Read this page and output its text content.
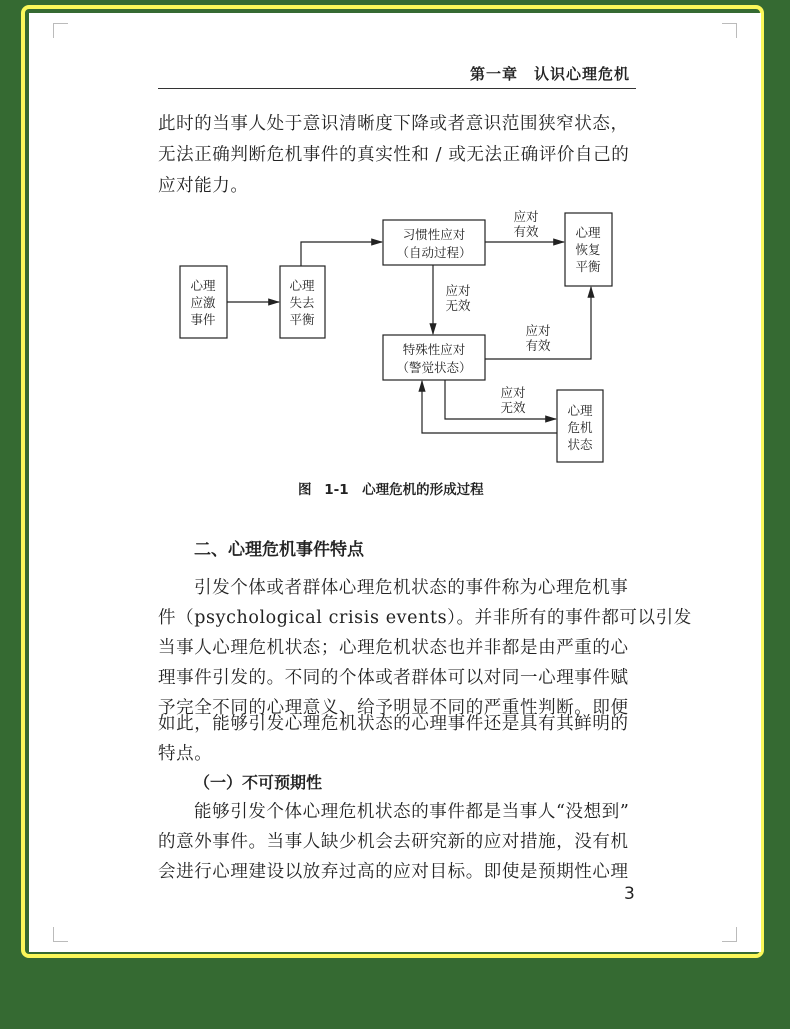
第一章　认识心理危机
此时的当事人处于意识清晰度下降或者意识范围狭窄状态，
无法正确判断危机事件的真实性和 / 或无法正确评价自己的
应对能力。
心理
应激
事件
心理
失去
平衡
习惯性应对
（自动过程）
心理
恢复
平衡
特殊性应对
（警觉状态）
心理
危机
状态
应对
有效
应对
无效
应对
有效
应对
无效
图 1-1　心理危机的形成过程
二、心理危机事件特点
引发个体或者群体心理危机状态的事件称为心理危机事
件（psychological crisis events）。并非所有的事件都可以引发
当事人心理危机状态；心理危机状态也并非都是由严重的心
理事件引发的。不同的个体或者群体可以对同一心理事件赋
予完全不同的心理意义、给予明显不同的严重性判断。即便
如此，能够引发心理危机状态的心理事件还是具有其鲜明的
特点。
（一）不可预期性
能够引发个体心理危机状态的事件都是当事人“没想到”
的意外事件。当事人缺少机会去研究新的应对措施，没有机
会进行心理建设以放弃过高的应对目标。即使是预期性心理
3
